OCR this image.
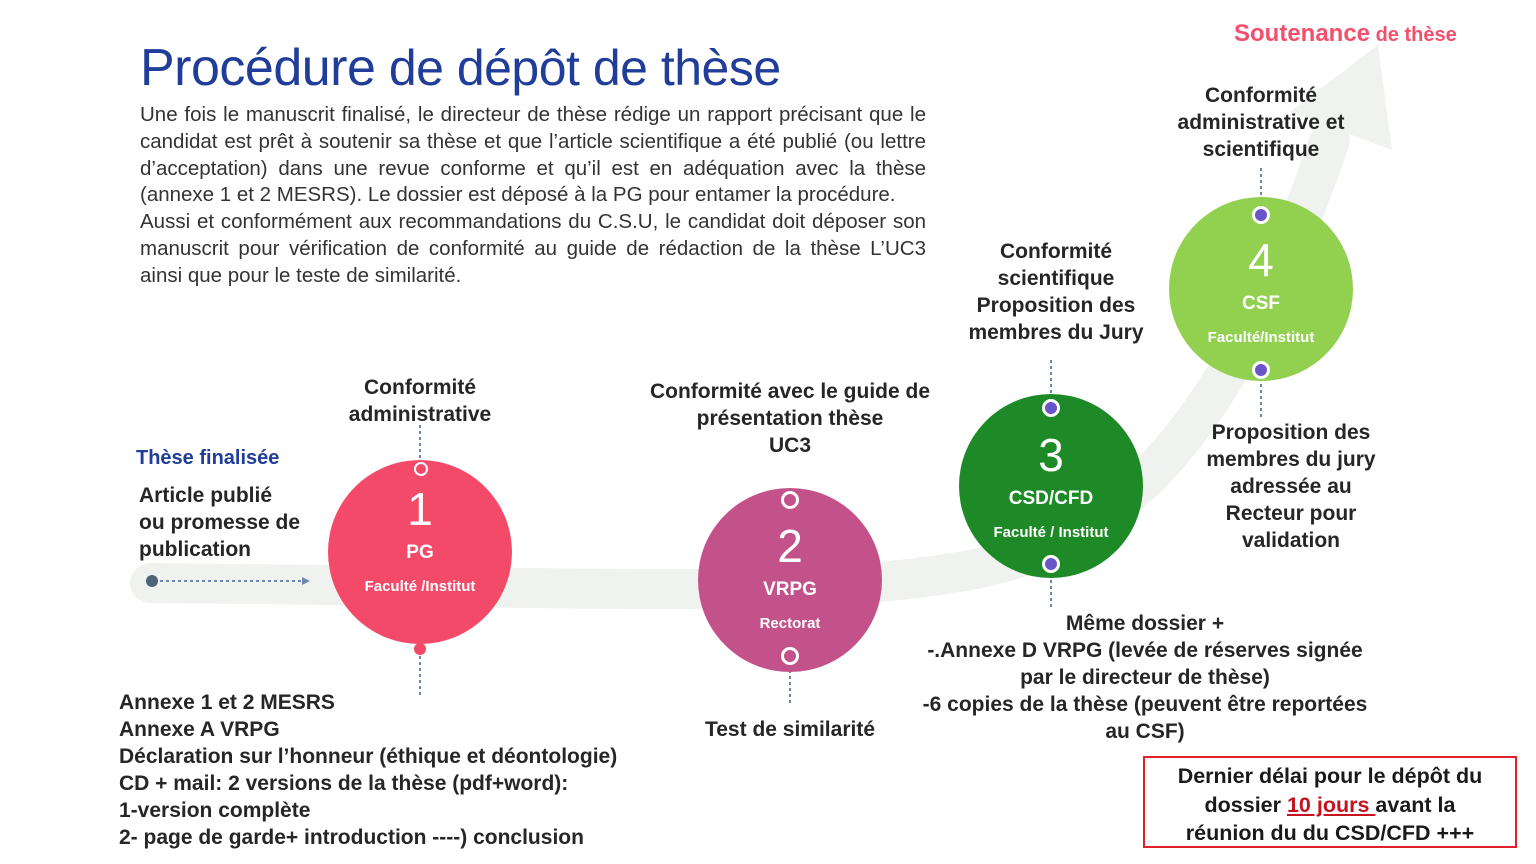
Procédure de dépôt de thèse

Une fois le manuscrit finalisé, le directeur de thèse rédige un rapport précisant que le candidat est prêt à soutenir sa thèse et que l’article scientifique a été publié (ou lettre d’acceptation) dans une revue conforme et qu’il est en adéquation avec la thèse (annexe 1 et 2 MESRS). Le dossier est déposé à la PG pour entamer la procédure.

Aussi et conformément aux recommandations du C.S.U, le candidat doit déposer son manuscrit pour vérification de conformité au guide de rédaction de la thèse L’UC3 ainsi que pour le teste de similarité.

Soutenance de thèse
Thèse finalisée
Article publié
ou promesse de
publication
Conformité
administrative
1
PG
Faculté /Institut
Annexe 1 et 2 MESRS
Annexe A VRPG
Déclaration sur l’honneur (éthique et déontologie)
CD + mail: 2 versions de la thèse (pdf+word):
1-version complète
2- page de garde+ introduction ----) conclusion
Conformité avec le guide de
présentation thèse
UC3
2
VRPG
Rectorat
Test de similarité
Conformité
scientifique
Proposition des
membres du Jury
3
CSD/CFD
Faculté / Institut
Même dossier +
-.Annexe D VRPG (levée de réserves signée
par le directeur de thèse)
-6 copies de la thèse (peuvent être reportées
au CSF)
Conformité
administrative et
scientifique
4
CSF
Faculté/Institut
Proposition des
membres du jury
adressée au
Recteur pour
validation
Dernier délai pour le dépôt du
dossier 10 jours avant la
réunion du du CSD/CFD +++
